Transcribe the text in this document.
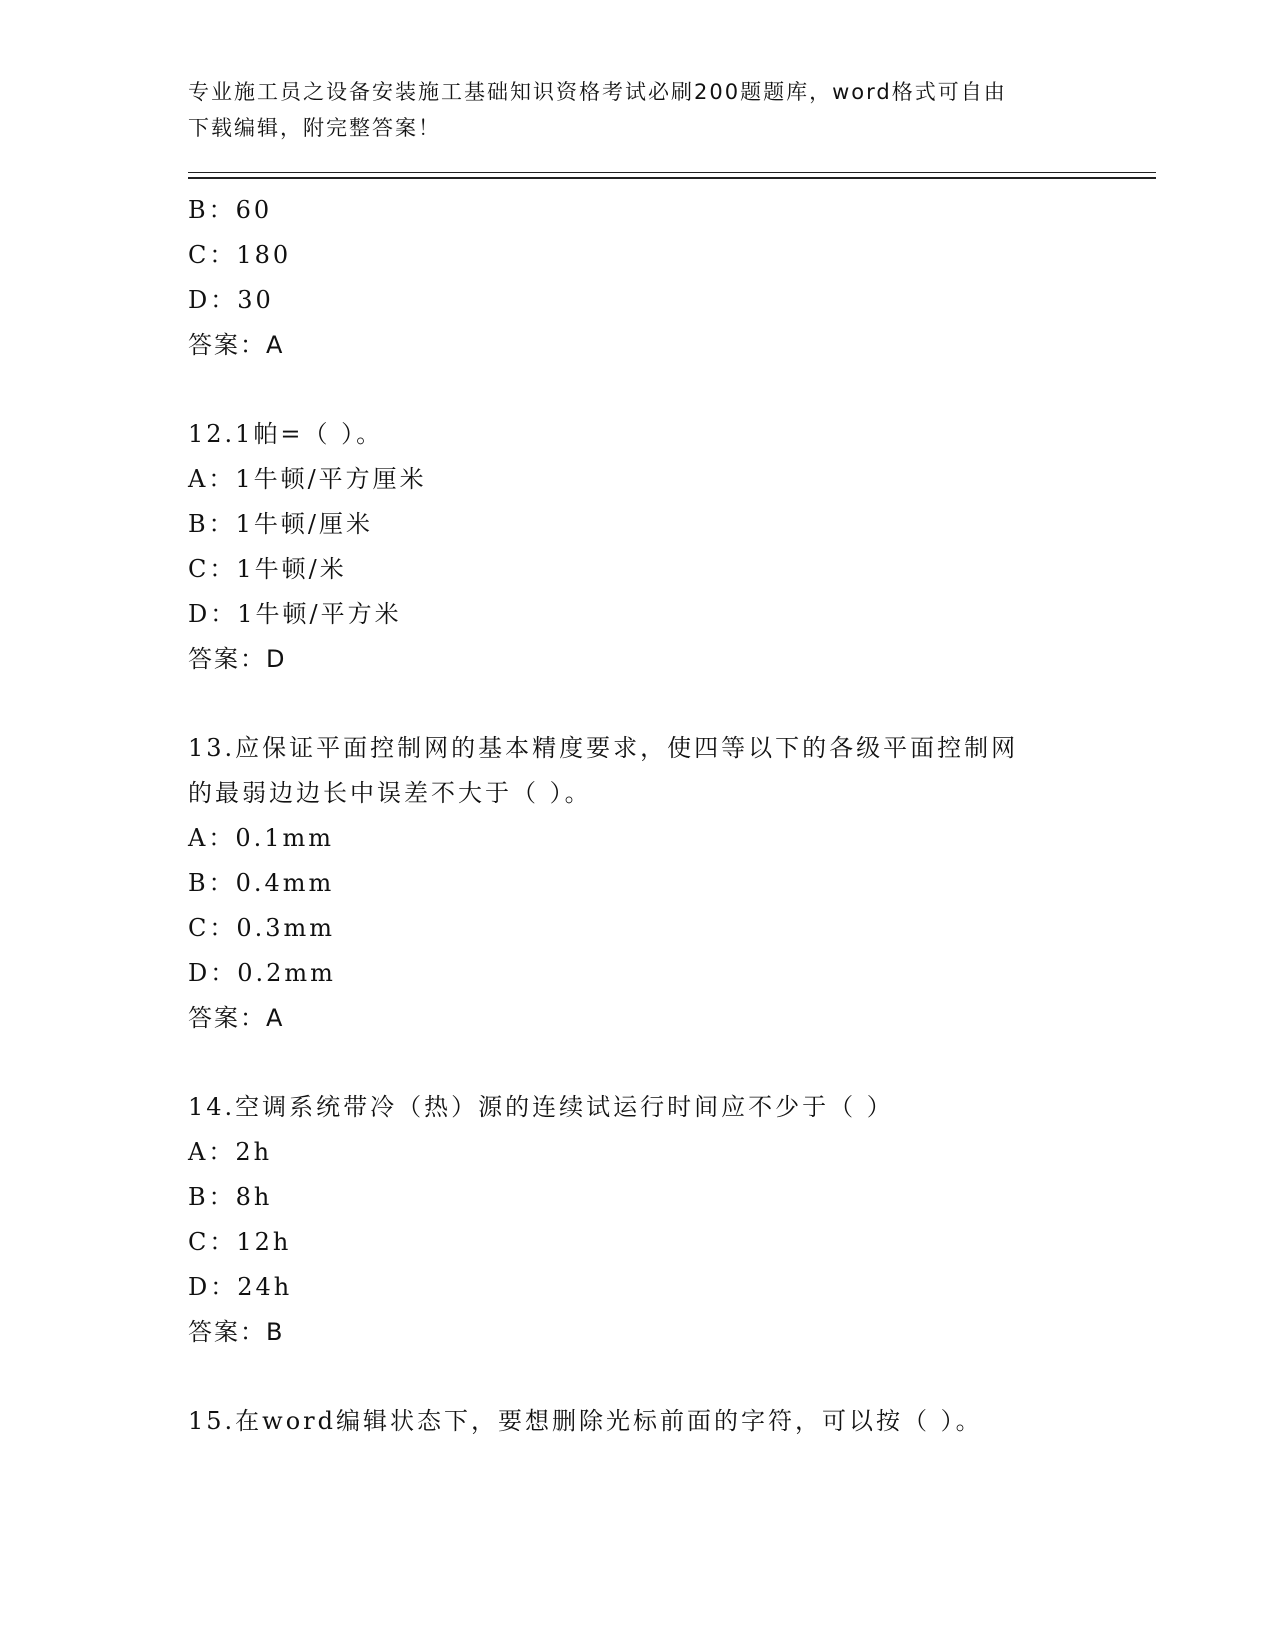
专业施工员之设备安装施工基础知识资格考试必刷200题题库，word格式可自由
下载编辑，附完整答案！
B：60
C：180
D：30
答案：A
12.1帕=（ ）。
A：1牛顿/平方厘米
B：1牛顿/厘米
C：1牛顿/米
D：1牛顿/平方米
答案：D
13.应保证平面控制网的基本精度要求，使四等以下的各级平面控制网
的最弱边边长中误差不大于（ ）。
A：0.1mm
B：0.4mm
C：0.3mm
D：0.2mm
答案：A
14.空调系统带冷（热）源的连续试运行时间应不少于（ ）
A：2h
B：8h
C：12h
D：24h
答案：B
15.在word编辑状态下，要想删除光标前面的字符，可以按（ ）。
